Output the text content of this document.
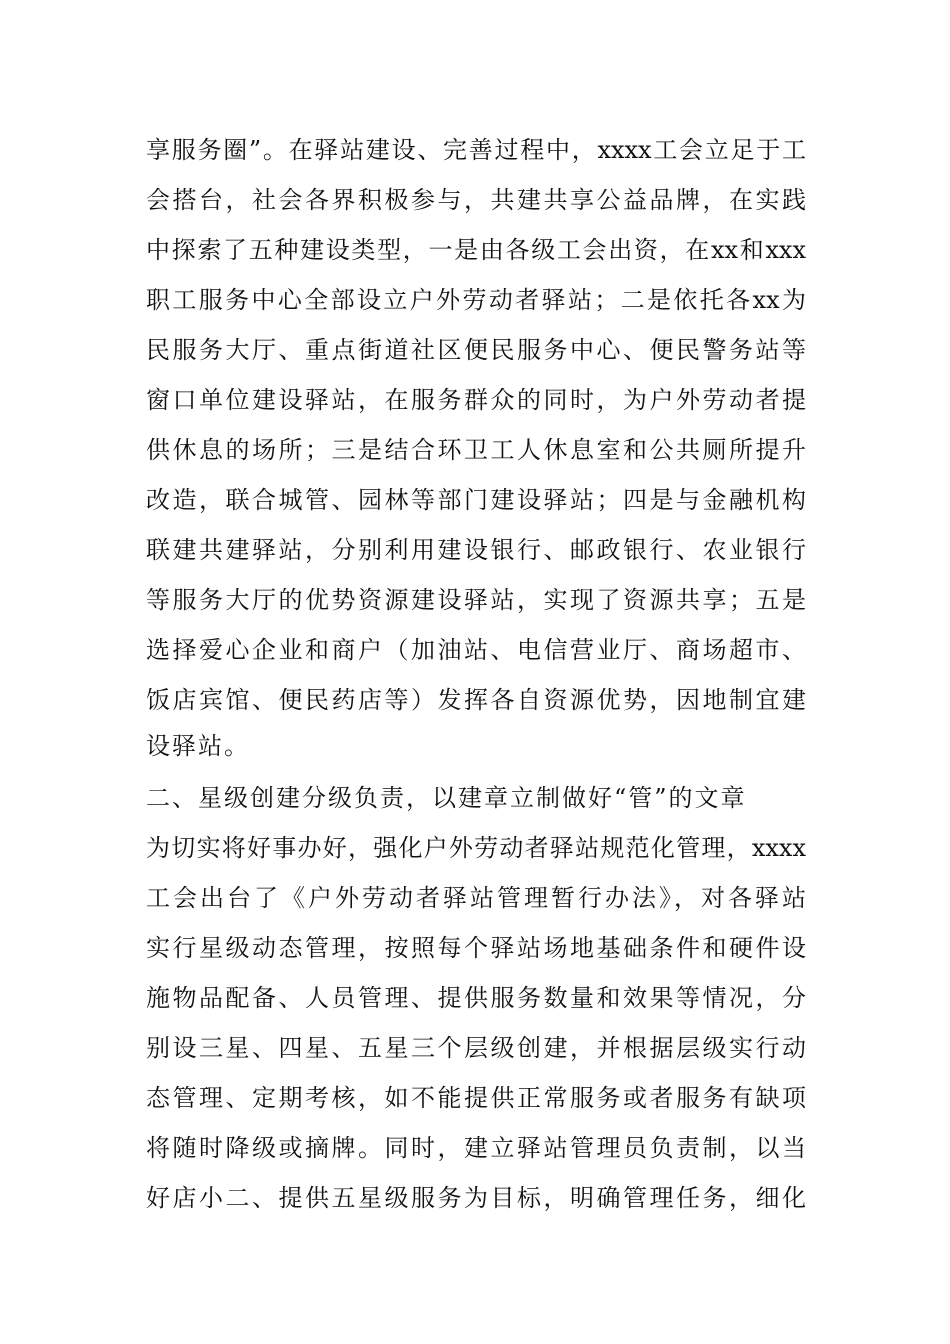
享服务圈”。在驿站建设、完善过程中，xxxx工会立足于工
会搭台，社会各界积极参与，共建共享公益品牌，在实践
中探索了五种建设类型，一是由各级工会出资，在xx和xxx
职工服务中心全部设立户外劳动者驿站；二是依托各xx为
民服务大厅、重点街道社区便民服务中心、便民警务站等
窗口单位建设驿站，在服务群众的同时，为户外劳动者提
供休息的场所；三是结合环卫工人休息室和公共厕所提升
改造，联合城管、园林等部门建设驿站；四是与金融机构
联建共建驿站，分别利用建设银行、邮政银行、农业银行
等服务大厅的优势资源建设驿站，实现了资源共享；五是
选择爱心企业和商户（加油站、电信营业厅、商场超市、
饭店宾馆、便民药店等）发挥各自资源优势，因地制宜建
设驿站。
二、星级创建分级负责，以建章立制做好“管”的文章
为切实将好事办好，强化户外劳动者驿站规范化管理，xxxx
工会出台了《户外劳动者驿站管理暂行办法》，对各驿站
实行星级动态管理，按照每个驿站场地基础条件和硬件设
施物品配备、人员管理、提供服务数量和效果等情况，分
别设三星、四星、五星三个层级创建，并根据层级实行动
态管理、定期考核，如不能提供正常服务或者服务有缺项
将随时降级或摘牌。同时，建立驿站管理员负责制，以当
好店小二、提供五星级服务为目标，明确管理任务，细化
